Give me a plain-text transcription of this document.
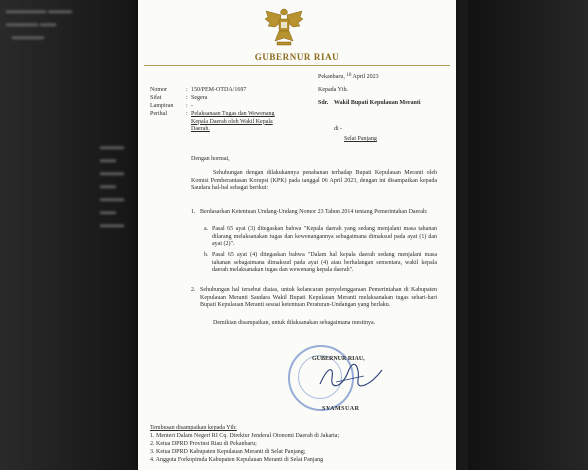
▬▬▬▬▬ ▬▬▬
▬▬▬▬ ▬▬
▬▬▬▬
▬▬▬
▬▬
▬▬▬
▬▬
▬▬▬
▬▬
▬▬▬
GUBERNUR RIAU
Pekanbaru, $^{10}$ April 2023
Nomor	: 150/PEM-OTDA/1697
Sifat	: Segera
Lampiran : -
Perihal	: Pelaksanaan Tugas dan Wewenang Kepala Daerah oleh Wakil Kepala Daerah.
Kepada Yth.
Sdr. Wakil Bupati Kepulauan Meranti
di -
Selat Panjang
Dengan hormat,
Sehubungan dengan dilakukannya penahanan terhadap Bupati Kepulauan Meranti oleh Komisi Pemberantasan Korupsi (KPK) pada tanggal 06 April 2023, dengan ini disampaikan kepada Saudara hal-hal sebagai berikut:
1. Berdasarkan Ketentuan Undang-Undang Nomor 23 Tahun 2014 tentang Pemerintahan Daerah:
a. Pasal 65 ayat (3) ditegaskan bahwa "Kepala daerah yang sedang menjalani masa tahanan dilarang melaksanakan tugas dan kewenangannya sebagaimana dimaksud pada ayat (1) dan ayat (2)".
b. Pasal 65 ayat (4) ditegaskan bahwa "Dalam hal kepala daerah sedang menjalani masa tahanan sebagaimana dimaksud pada ayat (4) atau berhalangan sementara, wakil kepala daerah melaksanakan tugas dan wewenang kepala daerah".
2. Sehubungan hal tersebut diatas, untuk kelancaran penyelenggaraan Pemerintahan di Kabupaten Kepulauan Meranti Saudara Wakil Bupati Kepulauan Meranti melaksanakan tugas sehari-hari Bupati Kepulauan Meranti sesuai ketentuan Peraturan-Undangan yang berlaku.
Demikian disampaikan, untuk dilaksanakan sebagaimana mestinya.
GUBERNUR RIAU,
SYAMSUAR
Tembusan disampaikan kepada Yth:
1. Menteri Dalam Negeri RI Cq. Direktur Jenderal Otonomi Daerah di Jakarta;
2. Ketua DPRD Provinsi Riau di Pekanbaru;
3. Ketua DPRD Kabupaten Kepulauan Meranti di Selat Panjang;
4. Anggota Forkopimda Kabupaten Kepulauan Meranti di Selat Panjang
